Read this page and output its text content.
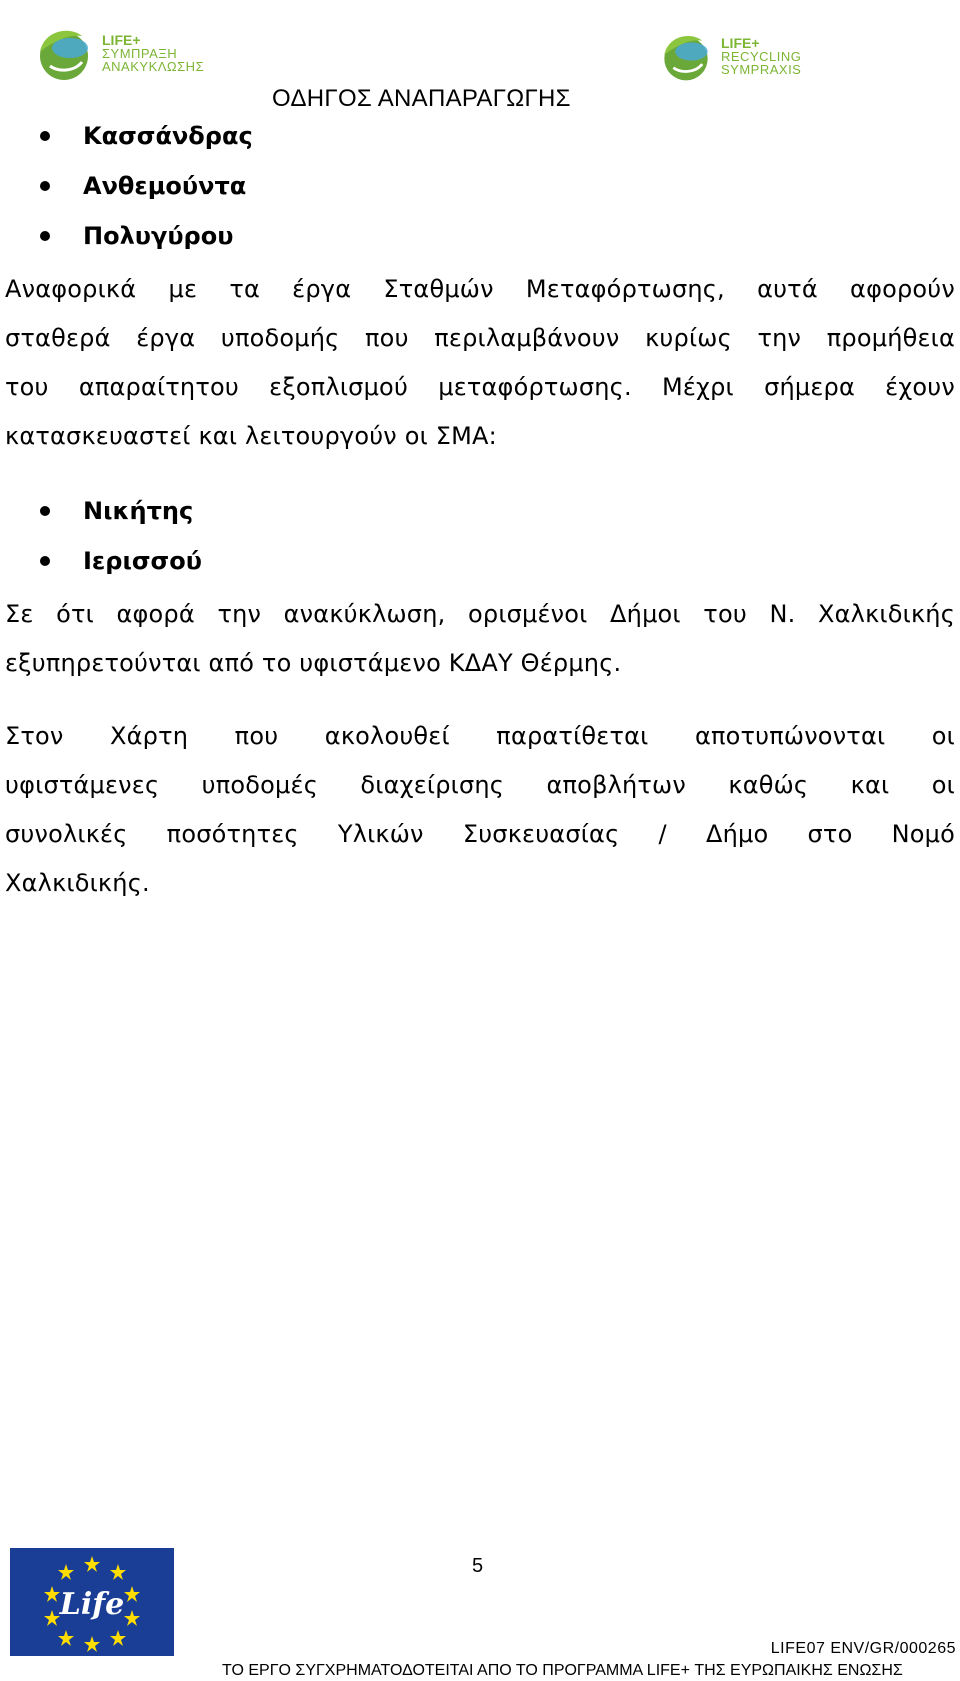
LIFE+
ΣΥΜΠΡΑΞΗ
ΑΝΑΚΥΚΛΩΣΗΣ
LIFE+
RECYCLING
SYMPRAXIS
ΟΔΗΓΟΣ ΑΝΑΠΑΡΑΓΩΓΗΣ
Κασσάνδρας
Ανθεμούντα
Πολυγύρου
Αναφορικά με τα έργα Σταθμών Μεταφόρτωσης, αυτά αφορούν
σταθερά έργα υποδομής που περιλαμβάνουν κυρίως την προμήθεια
του απαραίτητου εξοπλισμού μεταφόρτωσης. Μέχρι σήμερα έχουν
κατασκευαστεί και λειτουργούν οι ΣΜΑ:
Νικήτης
Ιερισσού
Σε ότι αφορά την ανακύκλωση, ορισμένοι Δήμοι του Ν. Χαλκιδικής
εξυπηρετούνται από το υφιστάμενο ΚΔΑΥ Θέρμης.
Στον Χάρτη που ακολουθεί παρατίθεται αποτυπώνονται οι
υφιστάμενες υποδομές διαχείρισης αποβλήτων καθώς και οι
συνολικές ποσότητες Υλικών Συσκευασίας / Δήμο στο Νομό
Χαλκιδικής.
Life
5
LIFE07 ENV/GR/000265
ΤΟ ΕΡΓΟ ΣΥΓΧΡΗΜΑΤΟΔΟΤΕΙΤΑΙ ΑΠΟ ΤΟ ΠΡΟΓΡΑΜΜΑ LIFE+ ΤΗΣ ΕΥΡΩΠΑΙΚΗΣ ΕΝΩΣΗΣ
